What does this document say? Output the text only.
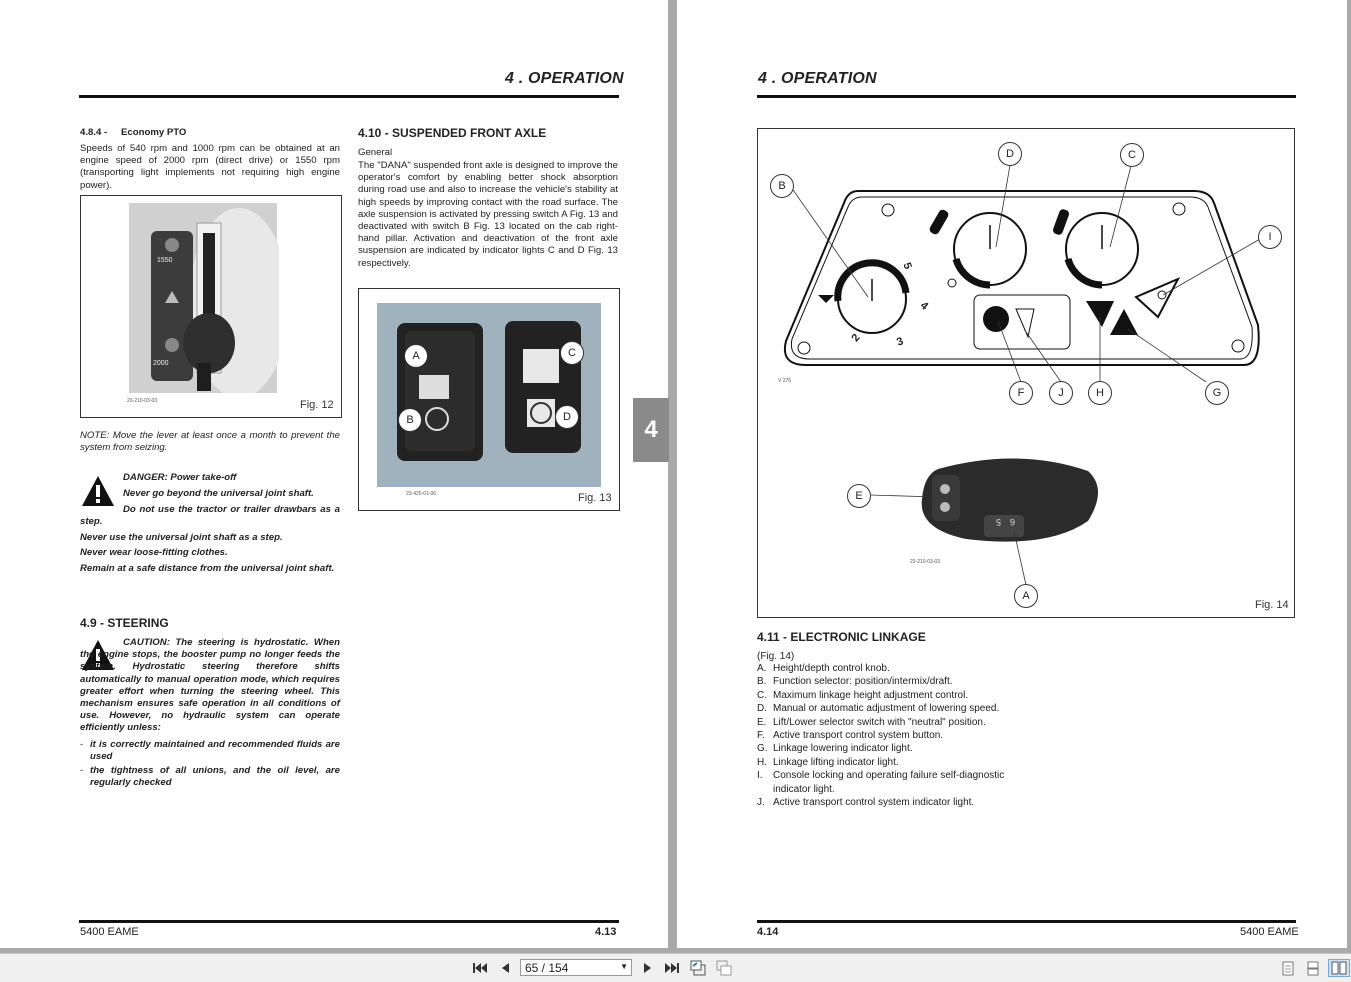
4 . OPERATION
4.8.4 - Economy PTO
Speeds of 540 rpm and 1000 rpm can be obtained at an engine speed of 2000 rpm (direct drive) or 1550 rpm (transporting light implements not requiring high engine power).
1550
2000
23-210-03-03	Fig. 12
NOTE: Move the lever at least once a month to prevent the system from seizing.
DANGER: Power take-off
Never go beyond the universal joint shaft.
Do not use the tractor or trailer drawbars as a step.
Never use the universal joint shaft as a step.
Never wear loose-fitting clothes.
Remain at a safe distance from the universal joint shaft.
4.9 - STEERING
CAUTION: The steering is hydrostatic. When the engine stops, the booster pump no longer feeds the system. Hydrostatic steering therefore shifts automatically to manual operation mode, which requires greater effort when turning the steering wheel. This mechanism ensures safe operation in all conditions of use. However, no hydraulic system can operate efficiently unless:
- it is correctly maintained and recommended fluids are used
- the tightness of all unions, and the oil level, are regularly checked
4.10 - SUSPENDED FRONT AXLE
General
The "DANA" suspended front axle is designed to improve the operator's comfort by enabling better shock absorption during road use and also to increase the vehicle's stability at high speeds by improving contact with the road surface. The axle suspension is activated by pressing switch A Fig. 13 and deactivated with switch B Fig. 13 located on the cab right-hand pillar. Activation and deactivation of the front axle suspension are indicated by indicator lights C and D Fig. 13 respectively.
A
B
C
D
23-420-01-06	Fig. 13
5400 EAME	4.13
4
4 . OPERATION
2	3
4
5
5 6
A
B
C
D
E
F	G
H
I
J
V 276
23-210-03-03
Fig. 14
4.11 - ELECTRONIC LINKAGE
(Fig. 14)
A. Height/depth control knob.
B. Function selector: position/intermix/draft.
C. Maximum linkage height adjustment control.
D. Manual or automatic adjustment of lowering speed.
E. Lift/Lower selector switch with "neutral" position.
F. Active transport control system button.
G. Linkage lowering indicator light.
H. Linkage lifting indicator light.
I.	Console locking and operating failure self-diagnostic indicator light.
J. Active transport control system indicator light.
4.14	5400 EAME
65 / 154	▼
